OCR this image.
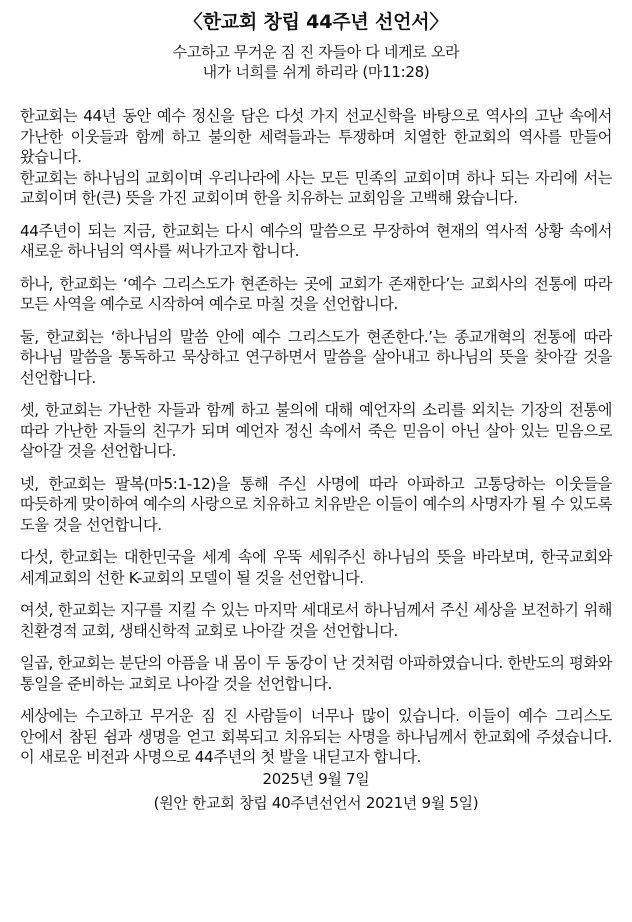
〈한교회 창립 44주년 선언서〉

수고하고 무거운 짐 진 자들아 다 네게로 오라

내가 너희를 쉬게 하리라 (마11:28)

한교회는 44년 동안 예수 정신을 담은 다섯 가지 선교신학을 바탕으로 역사의 고난 속에서 가난한 이웃들과 함께 하고 불의한 세력들과는 투쟁하며 치열한 한교회의 역사를 만들어 왔습니다.

한교회는 하나님의 교회이며 우리나라에 사는 모든 민족의 교회이며 하나 되는 자리에 서는 교회이며 한(큰) 뜻을 가진 교회이며 한을 치유하는 교회임을 고백해 왔습니다.

44주년이 되는 지금, 한교회는 다시 예수의 말씀으로 무장하여 현재의 역사적 상황 속에서 새로운 하나님의 역사를 써나가고자 합니다.

하나, 한교회는 ‘예수 그리스도가 현존하는 곳에 교회가 존재한다’는 교회사의 전통에 따라 모든 사역을 예수로 시작하여 예수로 마칠 것을 선언합니다.

둘, 한교회는 ‘하나님의 말씀 안에 예수 그리스도가 현존한다.’는 종교개혁의 전통에 따라 하나님 말씀을 통독하고 묵상하고 연구하면서 말씀을 살아내고 하나님의 뜻을 찾아갈 것을 선언합니다.

셋, 한교회는 가난한 자들과 함께 하고 불의에 대해 예언자의 소리를 외치는 기장의 전통에 따라 가난한 자들의 친구가 되며 예언자 정신 속에서 죽은 믿음이 아닌 살아 있는 믿음으로 살아갈 것을 선언합니다.

넷, 한교회는 팔복(마5:1-12)을 통해 주신 사명에 따라 아파하고 고통당하는 이웃들을 따듯하게 맞이하여 예수의 사랑으로 치유하고 치유받은 이들이 예수의 사명자가 될 수 있도록 도울 것을 선언합니다.

다섯, 한교회는 대한민국을 세계 속에 우뚝 세워주신 하나님의 뜻을 바라보며, 한국교회와 세계교회의 선한 K-교회의 모델이 될 것을 선언합니다.

여섯, 한교회는 지구를 지킬 수 있는 마지막 세대로서 하나님께서 주신 세상을 보전하기 위해 친환경적 교회, 생태신학적 교회로 나아갈 것을 선언합니다.

일곱, 한교회는 분단의 아픔을 내 몸이 두 동강이 난 것처럼 아파하였습니다. 한반도의 평화와 통일을 준비하는 교회로 나아갈 것을 선언합니다.

세상에는 수고하고 무거운 짐 진 사람들이 너무나 많이 있습니다. 이들이 예수 그리스도 안에서 참된 쉼과 생명을 얻고 회복되고 치유되는 사명을 하나님께서 한교회에 주셨습니다. 이 새로운 비전과 사명으로 44주년의 첫 발을 내딛고자 합니다.

2025년 9월 7일

(원안 한교회 창립 40주년선언서 2021년 9월 5일)
